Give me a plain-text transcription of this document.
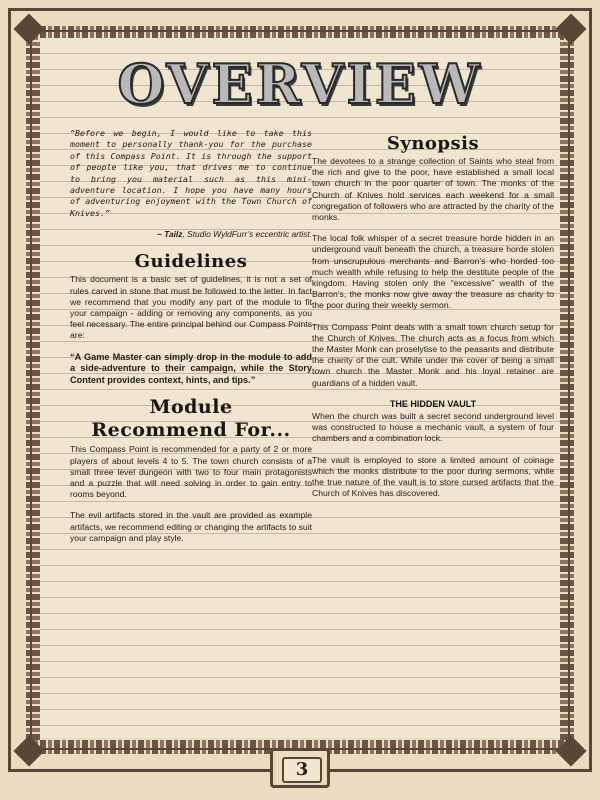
OVERVIEW

“Before we begin, I would like to take this moment to personally thank-you for the purchase of this Compass Point. It is through the support of people like you, that drives me to continue to bring you material such as this mini-adventure location. I hope you have many hours of adventuring enjoyment with the Town Church of Knives.”

~ Tailz, Studio WyldFurr’s eccentric artist.

Guidelines

This document is a basic set of guidelines, it is not a set of rules carved in stone that must be followed to the letter. In fact we recommend that you modify any part of the module to fit your campaign - adding or removing any components, as you feel necessary. The entire principal behind our Compass Points are:

“A Game Master can simply drop in the module to add a side-adventure to their campaign, while the Story Content provides context, hints, and tips.”

Module
Recommend For...

This Compass Point is recommended for a party of 2 or more players of about levels 4 to 5. The town church consists of a small three level dungeon with two to four main protagonists and a puzzle that will need solving in order to gain entry to rooms beyond.

The evil artifacts stored in the vault are provided as example artifacts, we recommend editing or changing the artifacts to suit your campaign and play style.

Synopsis

The devotees to a strange collection of Saints who steal from the rich and give to the poor, have established a small local town church in the poor quarter of town. The monks of the Church of Knives hold services each weekend for a small congregation of followers who are attracted by the charity of the monks.

The local folk whisper of a secret treasure horde hidden in an underground vault beneath the church, a treasure horde stolen from unscrupulous merchants and Barron’s who horded too much wealth while refusing to help the destitute people of the kingdom. Having stolen only the “excessive” wealth of the Barron’s, the monks now give away the treasure as charity to the poor during their weekly sermon.

This Compass Point deals with a small town church setup for the Church of Knives. The church acts as a focus from which the Master Monk can proselytise to the peasants and distribute the charity of the cult. While under the cover of being a small town church the Master Monk and his loyal retainer are guardians of a hidden vault.

THE HIDDEN VAULT

When the church was built a secret second underground level was constructed to house a mechanic vault, a system of four chambers and a combination lock.

The vault is employed to store a limited amount of coinage which the monks distribute to the poor during sermons, while the true nature of the vault is to store cursed artifacts that the Church of Knives has discovered.

3
